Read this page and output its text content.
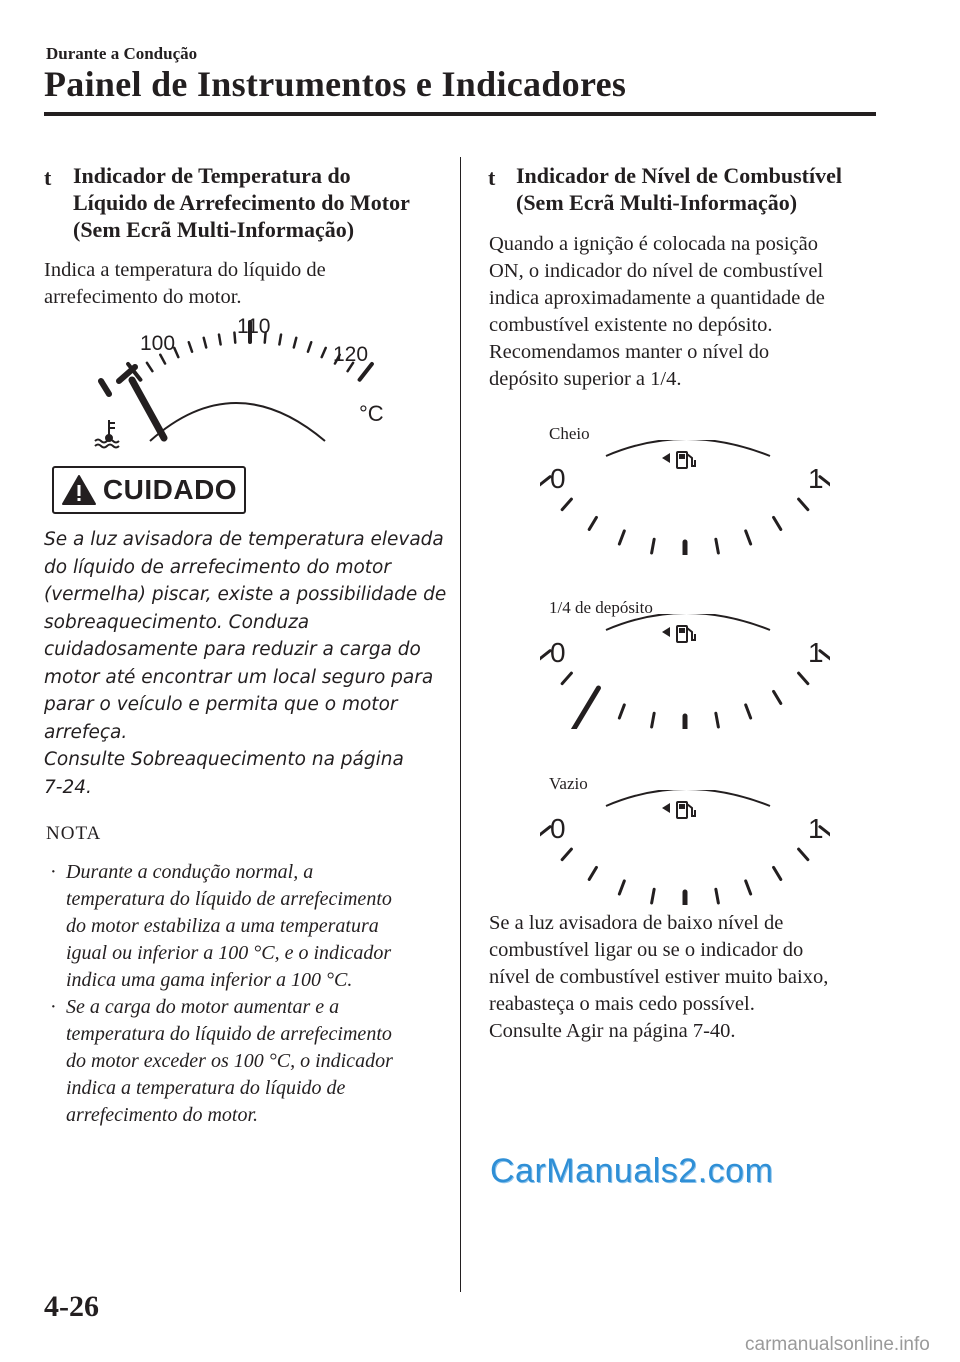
Durante a Condução
Painel de Instrumentos e Indicadores
t Indicador de Temperatura do
Líquido de Arrefecimento do Motor
(Sem Ecrã Multi-Informação)
Indica a temperatura do líquido de
arrefecimento do motor.
100
110
120
°C
CUIDADO
Se a luz avisadora de temperatura elevada
do líquido de arrefecimento do motor
(vermelha) piscar, existe a possibilidade de
sobreaquecimento. Conduza
cuidadosamente para reduzir a carga do
motor até encontrar um local seguro para
parar o veículo e permita que o motor
arrefeça.
Consulte Sobreaquecimento na página
7-24.
NOTA
· Durante a condução normal, a
temperatura do líquido de arrefecimento
do motor estabiliza a uma temperatura
igual ou inferior a 100 °C, e o indicador
indica uma gama inferior a 100 °C.
· Se a carga do motor aumentar e a
temperatura do líquido de arrefecimento
do motor exceder os 100 °C, o indicador
indica a temperatura do líquido de
arrefecimento do motor.
t Indicador de Nível de Combustível
(Sem Ecrã Multi-Informação)
Quando a ignição é colocada na posição
ON, o indicador do nível de combustível
indica aproximadamente a quantidade de
combustível existente no depósito.
Recomendamos manter o nível do
depósito superior a 1/4.
Cheio
0	1
1/4 de depósito
0	1
Vazio
0	1
Se a luz avisadora de baixo nível de
combustível ligar ou se o indicador do
nível de combustível estiver muito baixo,
reabasteça o mais cedo possível.
Consulte Agir na página 7-40.
CarManuals2.com
4-26
carmanualsonline.info
